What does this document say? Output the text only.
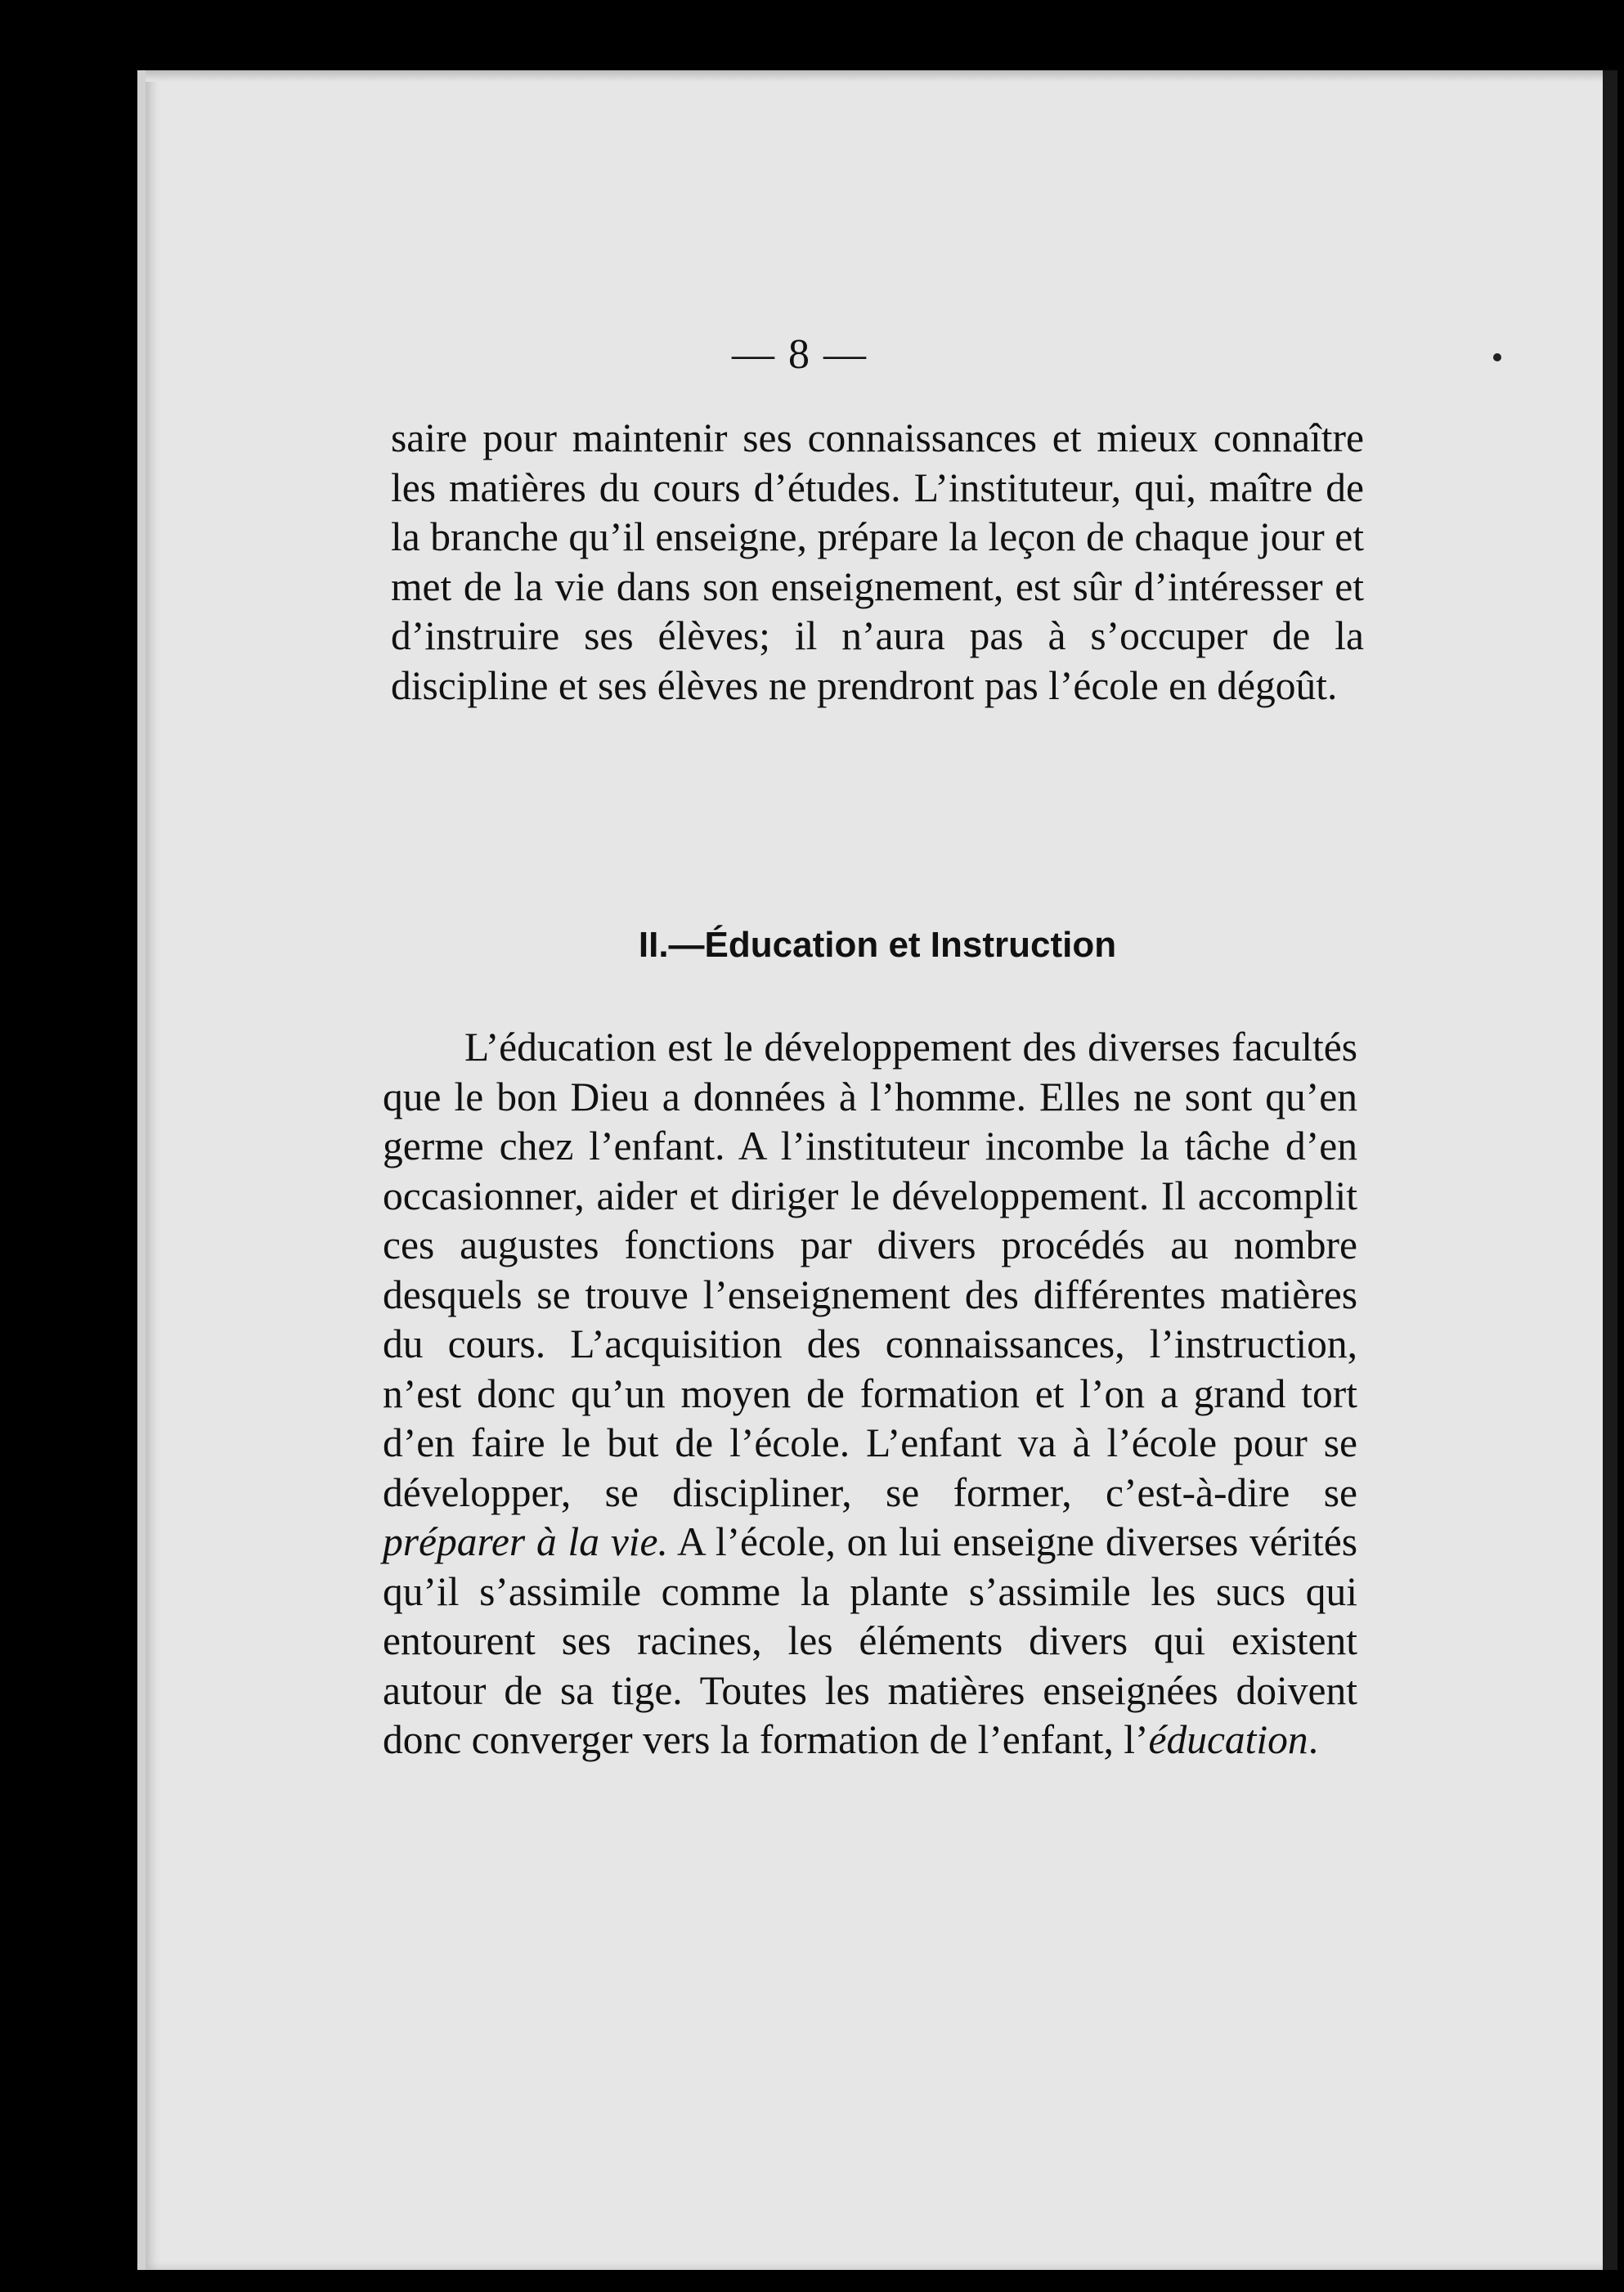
— 8 —

saire pour maintenir ses connaissances et mieux connaître les matières du cours d’études. L’instituteur, qui, maître de la branche qu’il enseigne, prépare la leçon de chaque jour et met de la vie dans son enseignement, est sûr d’intéresser et d’instruire ses élèves; il n’aura pas à s’occuper de la discipline et ses élèves ne prendront pas l’école en dégoût.

II.—Éducation et Instruction
L’éducation est le développement des diverses facultés que le bon Dieu a données à l’homme. Elles ne sont qu’en germe chez l’enfant. A l’instituteur incombe la tâche d’en occasionner, aider et diriger le développement. Il accomplit ces augustes fonctions par divers procédés au nombre desquels se trouve l’enseignement des différentes matières du cours. L’acquisition des connaissances, l’instruction, n’est donc qu’un moyen de formation et l’on a grand tort d’en faire le but de l’école. L’enfant va à l’école pour se développer, se discipliner, se former, c’est-à-dire se préparer à la vie. A l’école, on lui enseigne diverses vérités qu’il s’assimile comme la plante s’assimile les sucs qui entourent ses racines, les éléments divers qui existent autour de sa tige. Toutes les matières enseignées doivent donc converger vers la formation de l’enfant, l’éducation.
